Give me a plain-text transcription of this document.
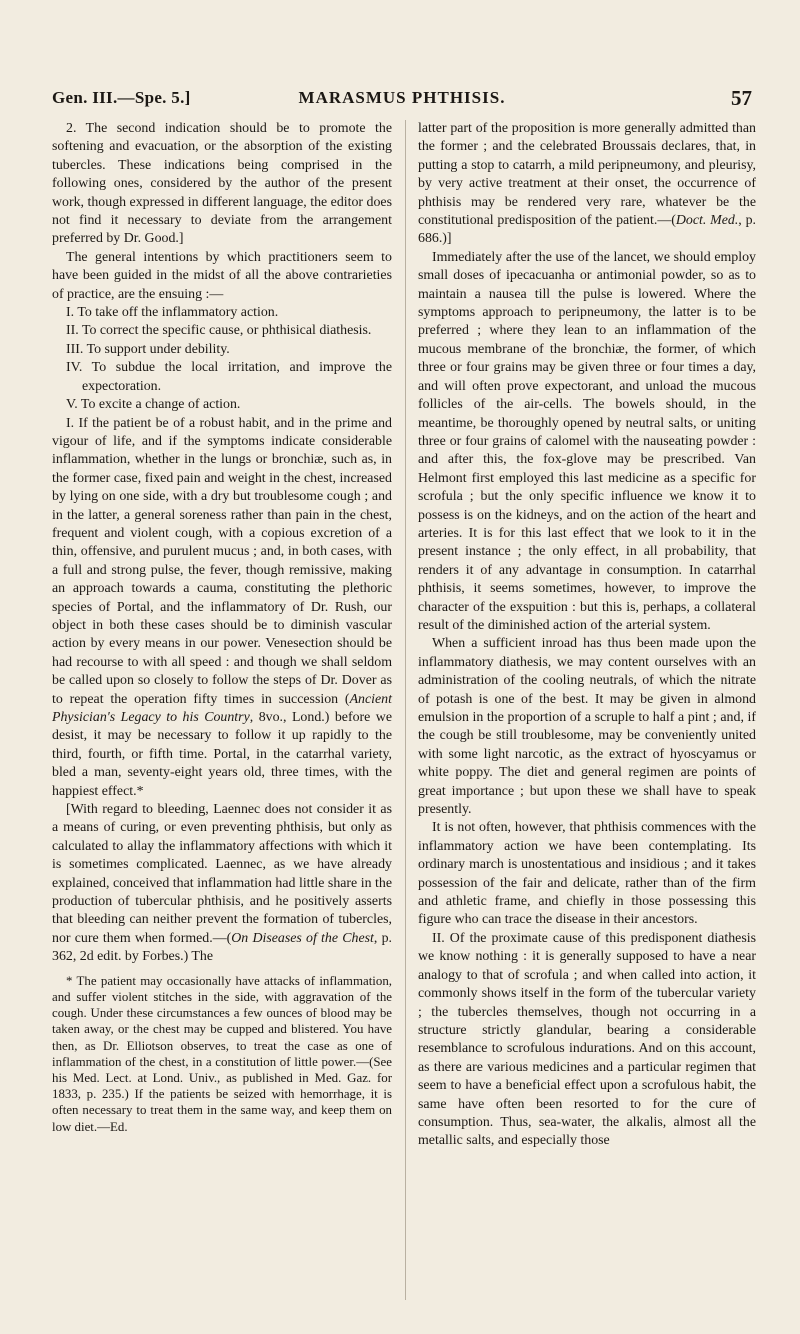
Gen. III.—Spe. 5.]	MARASMUS PHTHISIS.	57

2. The second indication should be to promote the softening and evacuation, or the absorption of the existing tubercles. These indications being comprised in the following ones, considered by the author of the present work, though expressed in different language, the editor does not find it necessary to deviate from the arrangement preferred by Dr. Good.]

The general intentions by which practitioners seem to have been guided in the midst of all the above contrarieties of practice, are the ensuing :—

I. To take off the inflammatory action.
II. To correct the specific cause, or phthisical diathesis.
III. To support under debility.
IV. To subdue the local irritation, and improve the expectoration.
V. To excite a change of action.

I. If the patient be of a robust habit, and in the prime and vigour of life, and if the symptoms indicate considerable inflammation, whether in the lungs or bronchiæ, such as, in the former case, fixed pain and weight in the chest, increased by lying on one side, with a dry but troublesome cough ; and in the latter, a general soreness rather than pain in the chest, frequent and violent cough, with a copious excretion of a thin, offensive, and purulent mucus ; and, in both cases, with a full and strong pulse, the fever, though remissive, making an approach towards a cauma, constituting the plethoric species of Portal, and the inflammatory of Dr. Rush, our object in both these cases should be to diminish vascular action by every means in our power. Venesection should be had recourse to with all speed : and though we shall seldom be called upon so closely to follow the steps of Dr. Dover as to repeat the operation fifty times in succession (Ancient Physician's Legacy to his Country, 8vo., Lond.) before we desist, it may be necessary to follow it up rapidly to the third, fourth, or fifth time. Portal, in the catarrhal variety, bled a man, seventy-eight years old, three times, with the happiest effect.*

[With regard to bleeding, Laennec does not consider it as a means of curing, or even preventing phthisis, but only as calculated to allay the inflammatory affections with which it is sometimes complicated. Laennec, as we have already explained, conceived that inflammation had little share in the production of tubercular phthisis, and he positively asserts that bleeding can neither prevent the formation of tubercles, nor cure them when formed.—(On Diseases of the Chest, p. 362, 2d edit. by Forbes.) The

* The patient may occasionally have attacks of inflammation, and suffer violent stitches in the side, with aggravation of the cough. Under these circumstances a few ounces of blood may be taken away, or the chest may be cupped and blistered. You have then, as Dr. Elliotson observes, to treat the case as one of inflammation of the chest, in a constitution of little power.—(See his Med. Lect. at Lond. Univ., as published in Med. Gaz. for 1833, p. 235.) If the patients be seized with hemorrhage, it is often necessary to treat them in the same way, and keep them on low diet.—Ed.

latter part of the proposition is more generally admitted than the former ; and the celebrated Broussais declares, that, in putting a stop to catarrh, a mild peripneumony, and pleurisy, by very active treatment at their onset, the occurrence of phthisis may be rendered very rare, whatever be the constitutional predisposition of the patient.—(Doct. Med., p. 686.)]

Immediately after the use of the lancet, we should employ small doses of ipecacuanha or antimonial powder, so as to maintain a nausea till the pulse is lowered. Where the symptoms approach to peripneumony, the latter is to be preferred ; where they lean to an inflammation of the mucous membrane of the bronchiæ, the former, of which three or four grains may be given three or four times a day, and will often prove expectorant, and unload the mucous follicles of the air-cells. The bowels should, in the meantime, be thoroughly opened by neutral salts, or uniting three or four grains of calomel with the nauseating powder : and after this, the fox-glove may be prescribed. Van Helmont first employed this last medicine as a specific for scrofula ; but the only specific influence we know it to possess is on the kidneys, and on the action of the heart and arteries. It is for this last effect that we look to it in the present instance ; the only effect, in all probability, that renders it of any advantage in consumption. In catarrhal phthisis, it seems sometimes, however, to improve the character of the exspuition : but this is, perhaps, a collateral result of the diminished action of the arterial system.

When a sufficient inroad has thus been made upon the inflammatory diathesis, we may content ourselves with an administration of the cooling neutrals, of which the nitrate of potash is one of the best. It may be given in almond emulsion in the proportion of a scruple to half a pint ; and, if the cough be still troublesome, may be conveniently united with some light narcotic, as the extract of hyoscyamus or white poppy. The diet and general regimen are points of great importance ; but upon these we shall have to speak presently.

It is not often, however, that phthisis commences with the inflammatory action we have been contemplating. Its ordinary march is unostentatious and insidious ; and it takes possession of the fair and delicate, rather than of the firm and athletic frame, and chiefly in those possessing this figure who can trace the disease in their ancestors.

II. Of the proximate cause of this predisponent diathesis we know nothing : it is generally supposed to have a near analogy to that of scrofula ; and when called into action, it commonly shows itself in the form of the tubercular variety ; the tubercles themselves, though not occurring in a structure strictly glandular, bearing a considerable resemblance to scrofulous indurations. And on this account, as there are various medicines and a particular regimen that seem to have a beneficial effect upon a scrofulous habit, the same have often been resorted to for the cure of consumption. Thus, sea-water, the alkalis, almost all the metallic salts, and especially those
